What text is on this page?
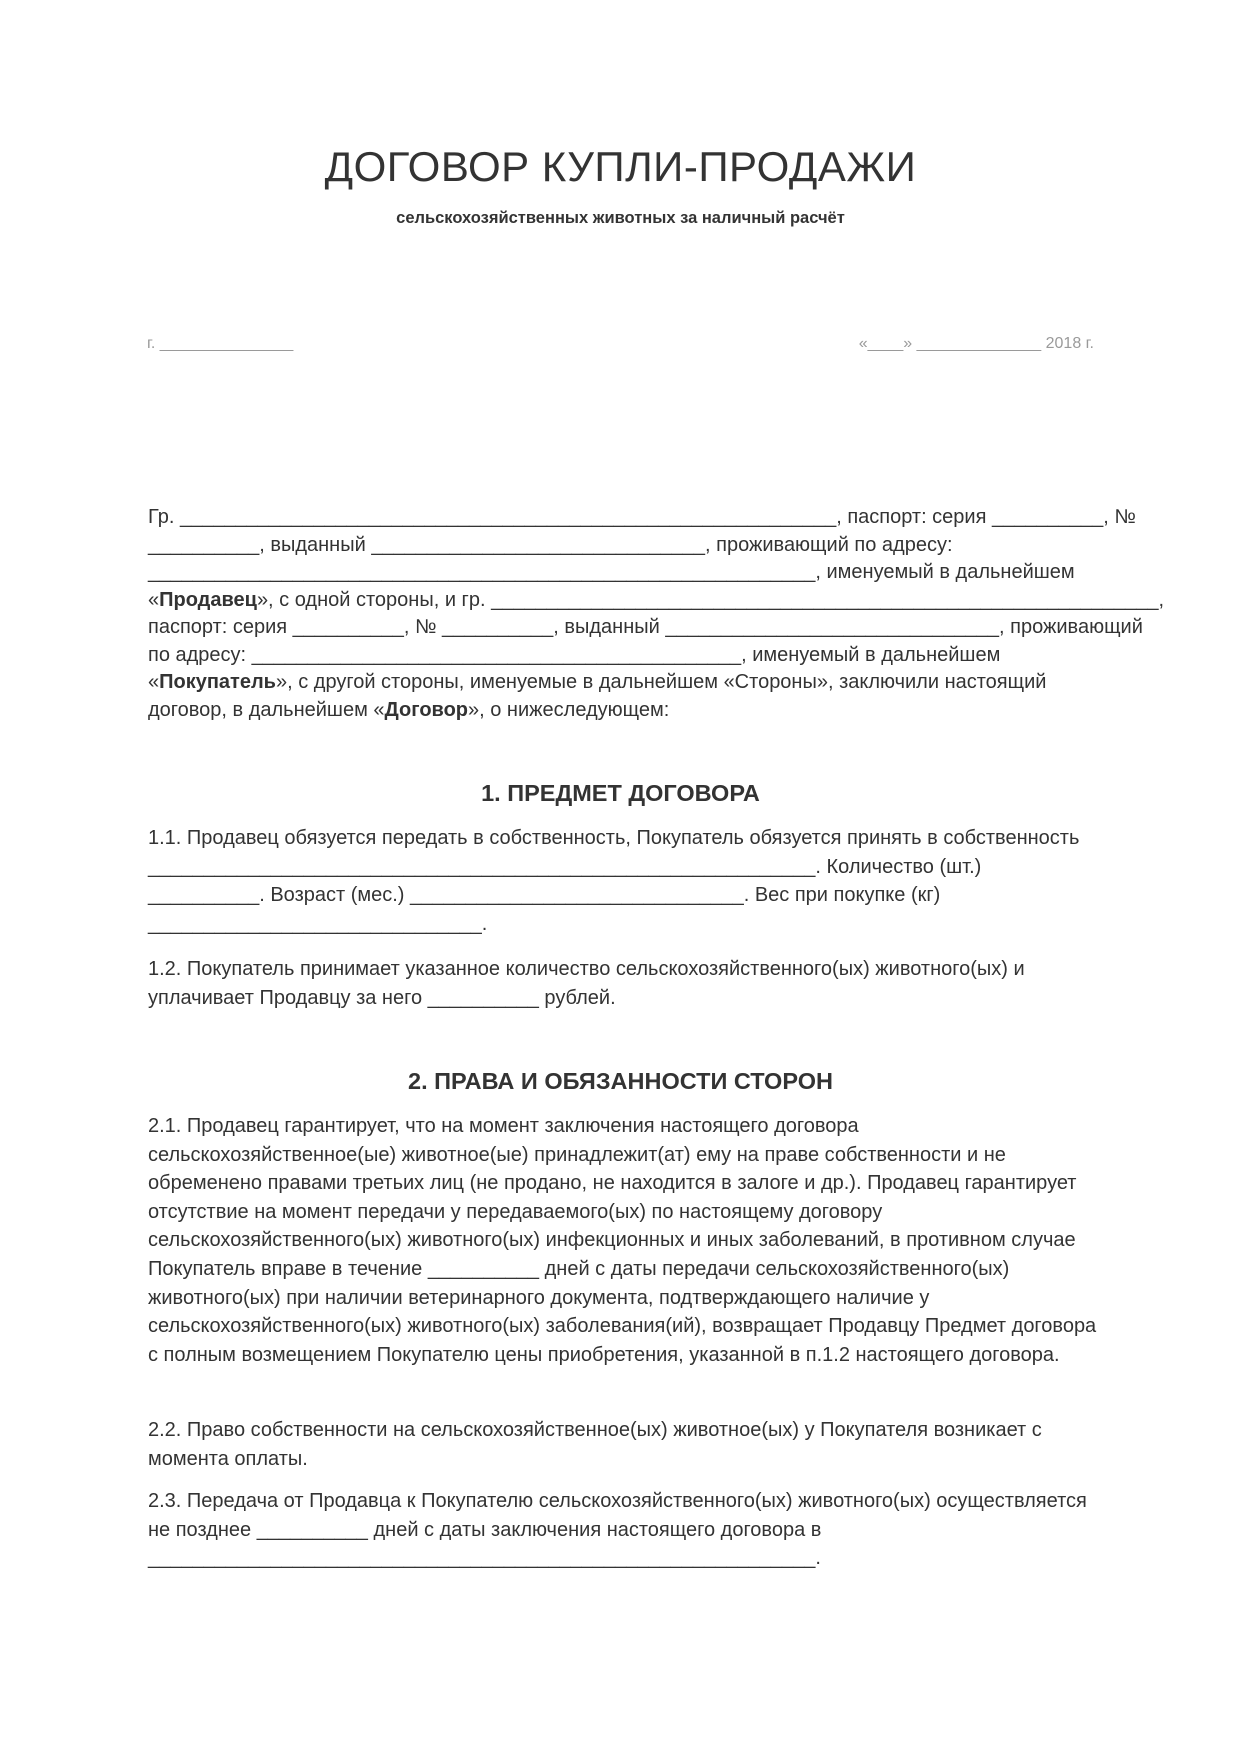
ДОГОВОР КУПЛИ-ПРОДАЖИ
сельскохозяйственных животных за наличный расчёт
г. _______________	«____» ______________ 2018 г.
Гр. ___________________________________________________________, паспорт: серия __________, №
__________, выданный ______________________________, проживающий по адресу:
____________________________________________________________, именуемый в дальнейшем
«Продавец», с одной стороны, и гр. ____________________________________________________________,
паспорт: серия __________, № __________, выданный ______________________________, проживающий
по адресу: ____________________________________________, именуемый в дальнейшем
«Покупатель», с другой стороны, именуемые в дальнейшем «Стороны», заключили настоящий
договор, в дальнейшем «Договор», о нижеследующем:
1. ПРЕДМЕТ ДОГОВОРА
1.1. Продавец обязуется передать в собственность, Покупатель обязуется принять в собственность ____________________________________________________________. Количество (шт.) __________. Возраст (мес.) ______________________________. Вес при покупке (кг) ______________________________.
1.2. Покупатель принимает указанное количество сельскохозяйственного(ых) животного(ых) и уплачивает Продавцу за него __________ рублей.
2. ПРАВА И ОБЯЗАННОСТИ СТОРОН
2.1. Продавец гарантирует, что на момент заключения настоящего договора сельскохозяйственное(ые) животное(ые) принадлежит(ат) ему на праве собственности и не обременено правами третьих лиц (не продано, не находится в залоге и др.). Продавец гарантирует отсутствие на момент передачи у передаваемого(ых) по настоящему договору сельскохозяйственного(ых) животного(ых) инфекционных и иных заболеваний, в противном случае Покупатель вправе в течение __________ дней с даты передачи сельскохозяйственного(ых) животного(ых) при наличии ветеринарного документа, подтверждающего наличие у сельскохозяйственного(ых) животного(ых) заболевания(ий), возвращает Продавцу Предмет договора с полным возмещением Покупателю цены приобретения, указанной в п.1.2 настоящего договора.
2.2. Право собственности на сельскохозяйственное(ых) животное(ых) у Покупателя возникает с момента оплаты.
2.3. Передача от Продавца к Покупателю сельскохозяйственного(ых) животного(ых) осуществляется не позднее __________ дней с даты заключения настоящего договора в ____________________________________________________________.
